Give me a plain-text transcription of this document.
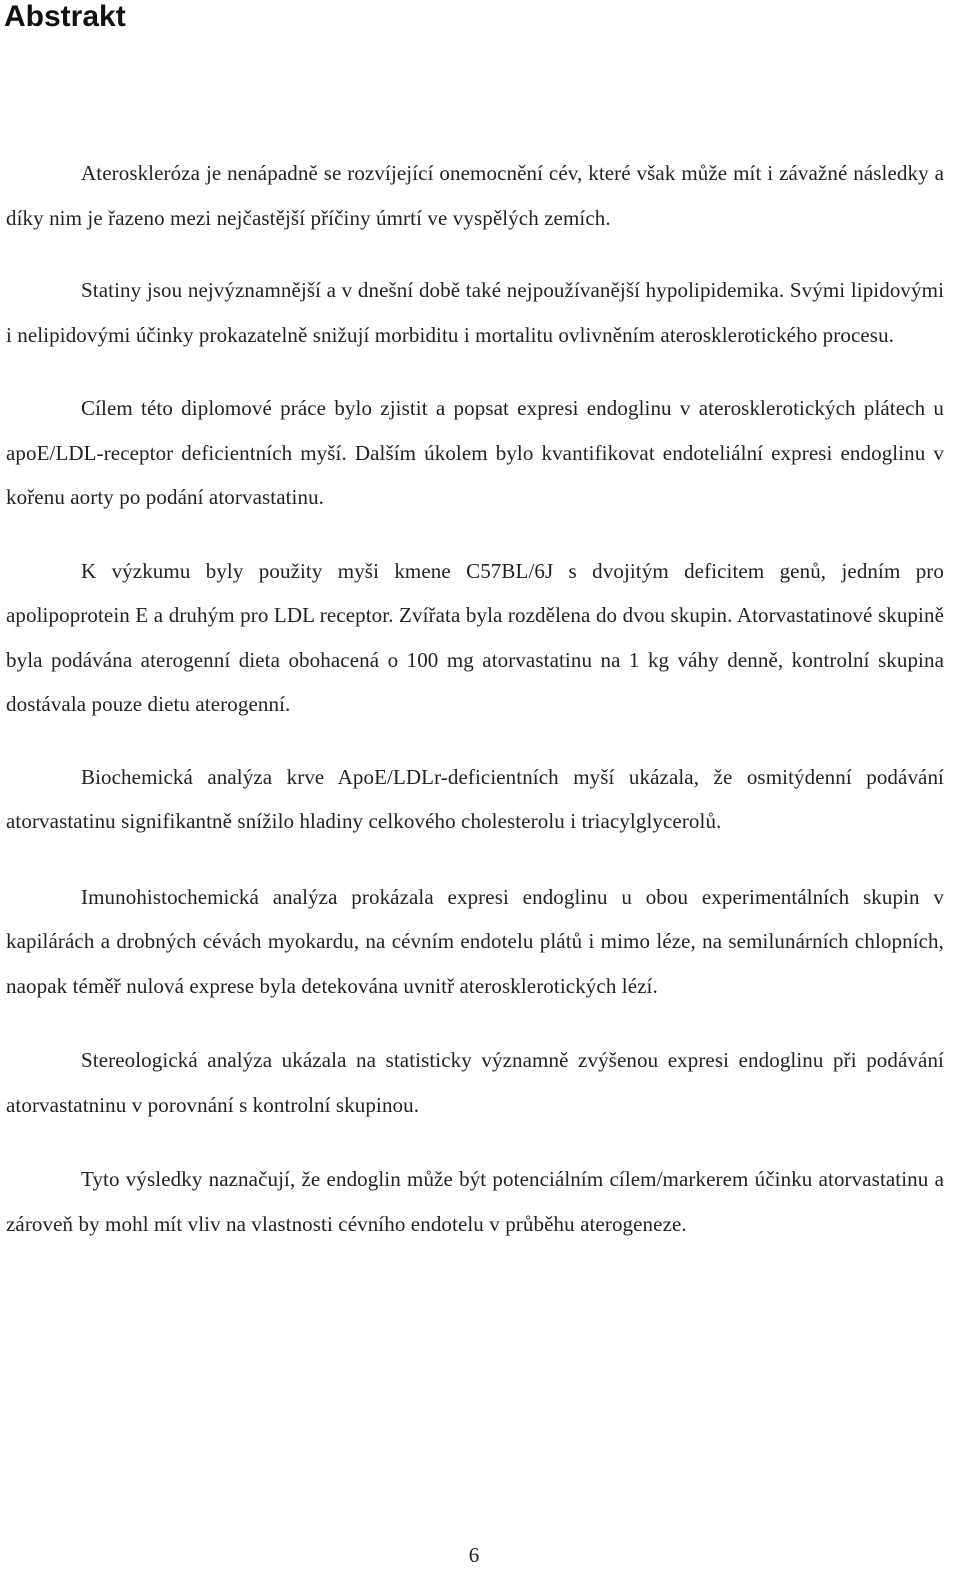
Abstrakt

Ateroskleróza je nenápadně se rozvíjející onemocnění cév, které však může mít i závažné následky a díky nim je řazeno mezi nejčastější příčiny úmrtí ve vyspělých zemích.

Statiny jsou nejvýznamnější a v dnešní době také nejpoužívanější hypolipidemika. Svými lipidovými i nelipidovými účinky prokazatelně snižují morbiditu i mortalitu ovlivněním aterosklerotického procesu.

Cílem této diplomové práce bylo zjistit a popsat expresi endoglinu v aterosklerotických plátech u apoE/LDL-receptor deficientních myší. Dalším úkolem bylo kvantifikovat endoteliální expresi endoglinu v kořenu aorty po podání atorvastatinu.

K výzkumu byly použity myši kmene C57BL/6J s dvojitým deficitem genů, jedním pro apolipoprotein E a druhým pro LDL receptor. Zvířata byla rozdělena do dvou skupin. Atorvastatinové skupině byla podávána aterogenní dieta obohacená o 100 mg atorvastatinu na 1 kg váhy denně, kontrolní skupina dostávala pouze dietu aterogenní.

Biochemická analýza krve ApoE/LDLr-deficientních myší ukázala, že osmitýdenní podávání atorvastatinu signifikantně snížilo hladiny celkového cholesterolu i triacylglycerolů.

Imunohistochemická analýza prokázala expresi endoglinu u obou experimentálních skupin v kapilárách a drobných cévách myokardu, na cévním endotelu plátů i mimo léze, na semilunárních chlopních, naopak téměř nulová exprese byla detekována uvnitř aterosklerotických lézí.

Stereologická analýza ukázala na statisticky významně zvýšenou expresi endoglinu při podávání atorvastatninu v porovnání s kontrolní skupinou.

Tyto výsledky naznačují, že endoglin může být potenciálním cílem/markerem účinku atorvastatinu a zároveň by mohl mít vliv na vlastnosti cévního endotelu v průběhu aterogeneze.

6
